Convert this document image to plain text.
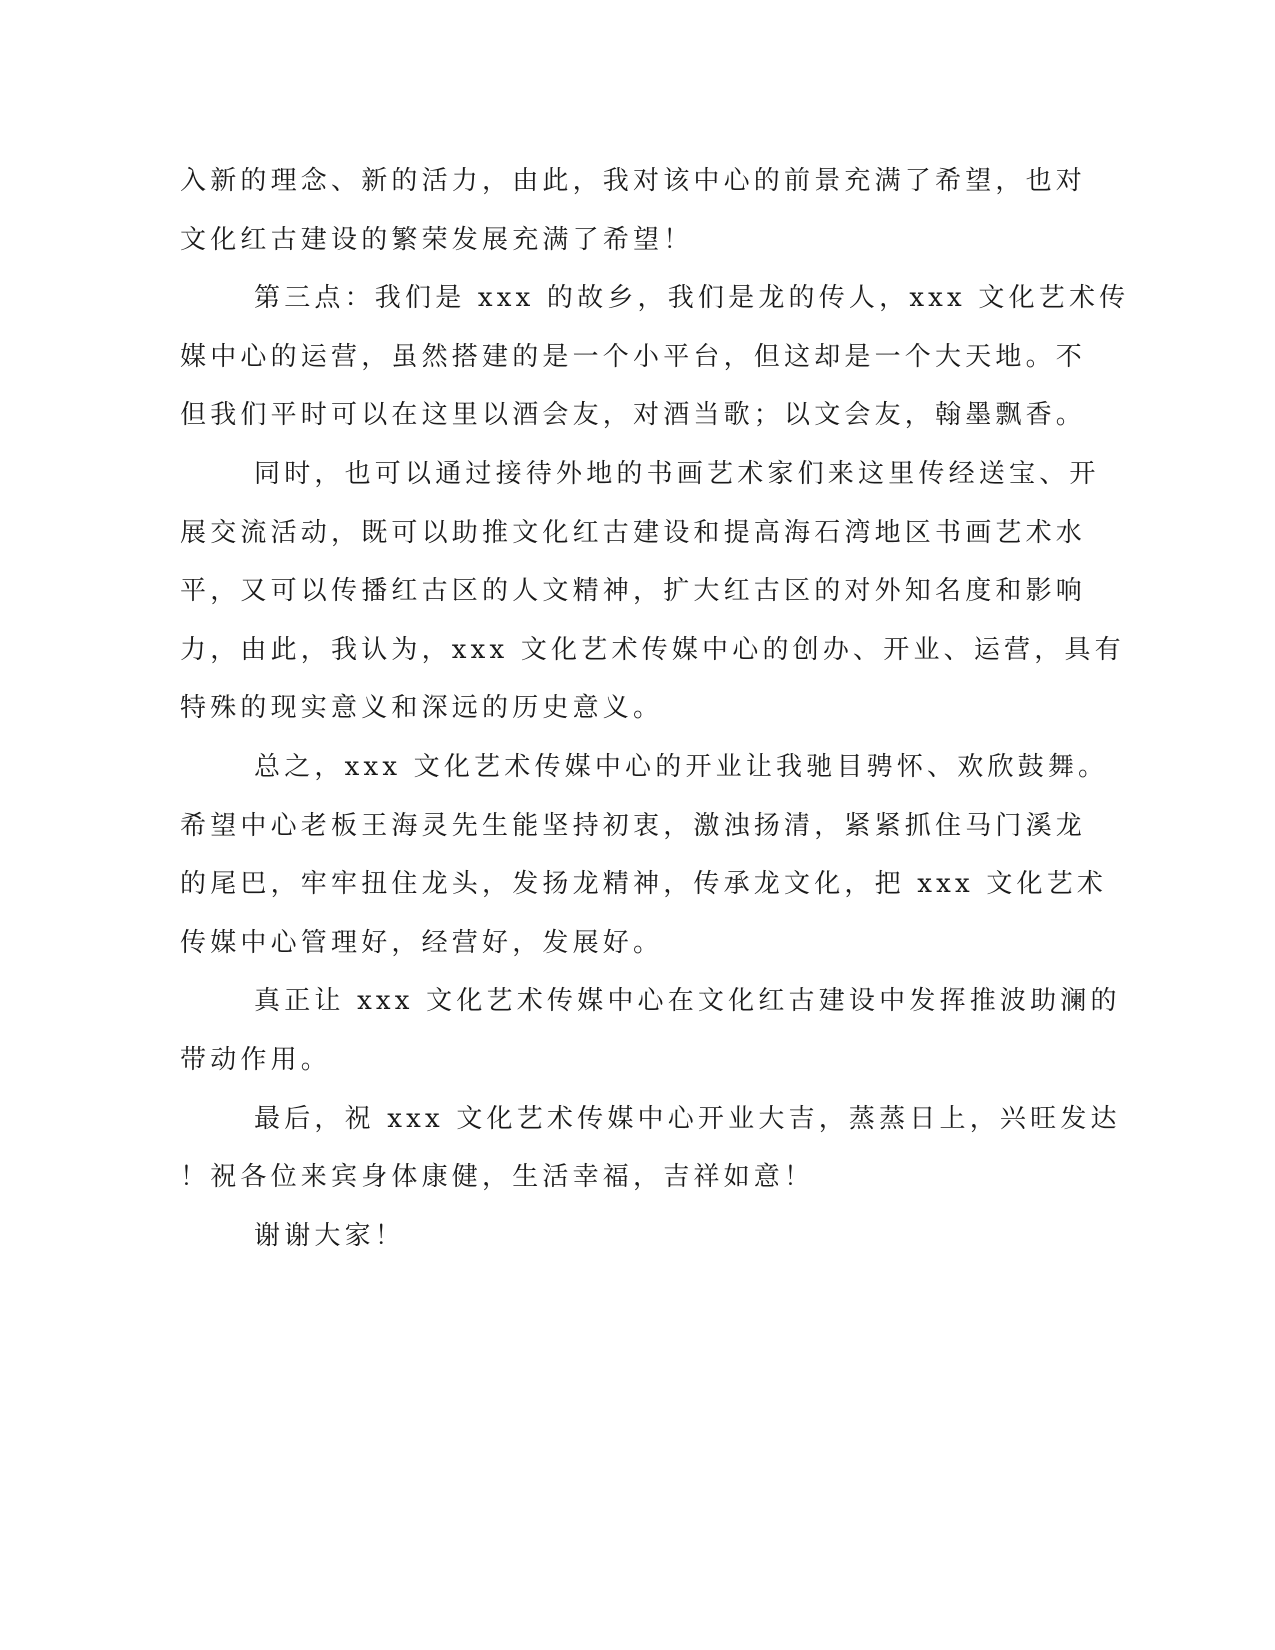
入新的理念、新的活力，由此，我对该中心的前景充满了希望，也对
文化红古建设的繁荣发展充满了希望！
第三点：我们是 xxx 的故乡，我们是龙的传人，xxx 文化艺术传
媒中心的运营，虽然搭建的是一个小平台，但这却是一个大天地。不
但我们平时可以在这里以酒会友，对酒当歌；以文会友，翰墨飘香。
同时，也可以通过接待外地的书画艺术家们来这里传经送宝、开
展交流活动，既可以助推文化红古建设和提高海石湾地区书画艺术水
平，又可以传播红古区的人文精神，扩大红古区的对外知名度和影响
力，由此，我认为，xxx 文化艺术传媒中心的创办、开业、运营，具有
特殊的现实意义和深远的历史意义。
总之，xxx 文化艺术传媒中心的开业让我驰目骋怀、欢欣鼓舞。
希望中心老板王海灵先生能坚持初衷，激浊扬清，紧紧抓住马门溪龙
的尾巴，牢牢扭住龙头，发扬龙精神，传承龙文化，把 xxx 文化艺术
传媒中心管理好，经营好，发展好。
真正让 xxx 文化艺术传媒中心在文化红古建设中发挥推波助澜的
带动作用。
最后，祝 xxx 文化艺术传媒中心开业大吉，蒸蒸日上，兴旺发达
！祝各位来宾身体康健，生活幸福，吉祥如意！
谢谢大家！
